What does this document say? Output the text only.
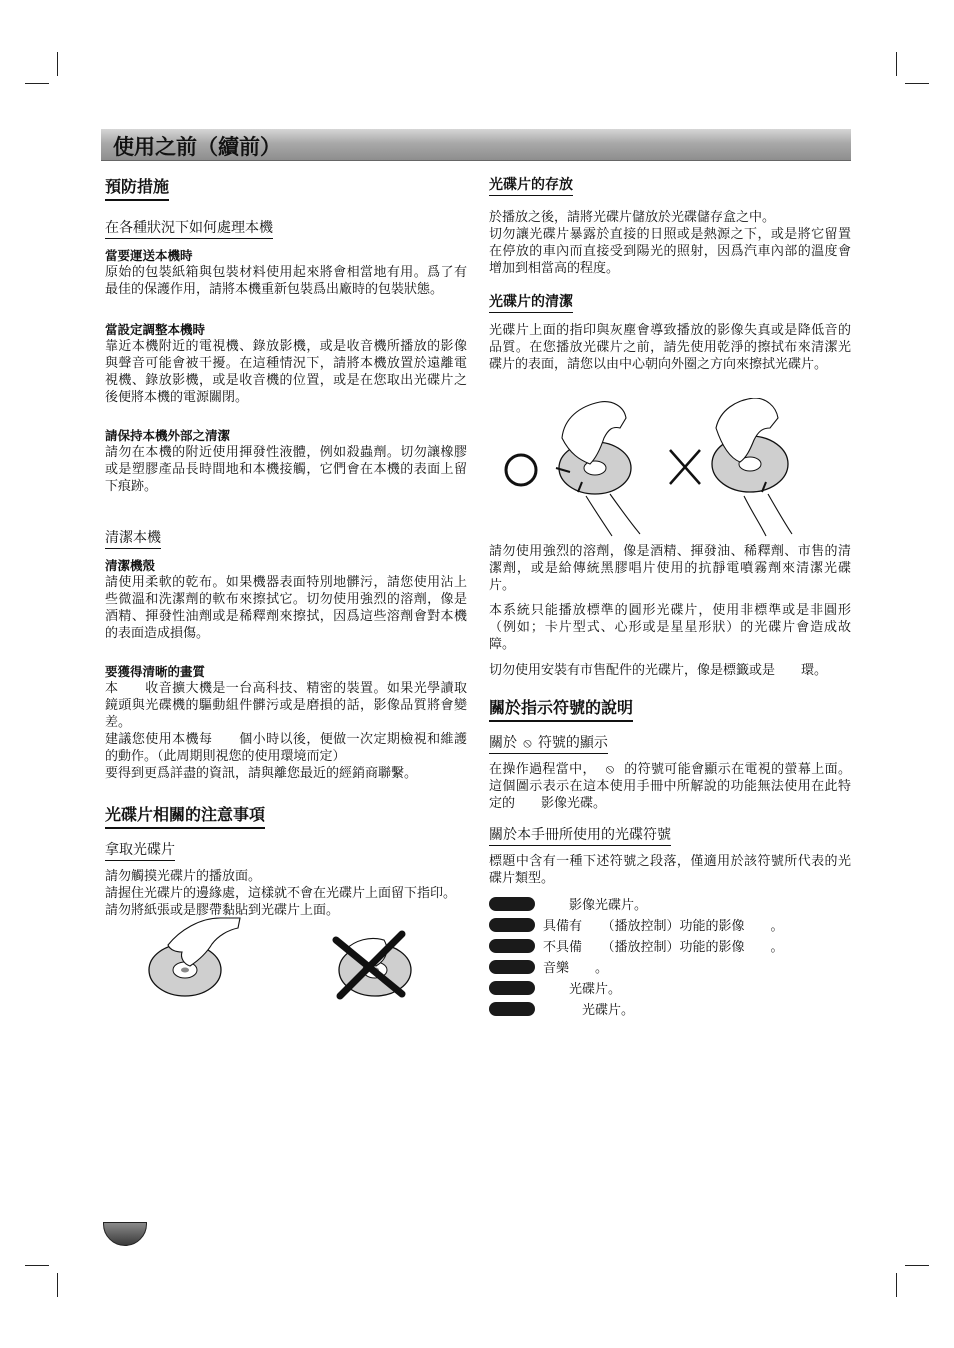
使用之前（續前）
預防措施
在各種狀況下如何處理本機

當要運送本機時

原始的包裝紙箱與包裝材料使用起來將會相當地有用。爲了有最佳的保護作用，請將本機重新包裝爲出廠時的包裝狀態。

當設定調整本機時

靠近本機附近的電視機、錄放影機，或是收音機所播放的影像與聲音可能會被干擾。在這種情況下，請將本機放置於遠離電視機、錄放影機，或是收音機的位置，或是在您取出光碟片之後便將本機的電源關閉。

請保持本機外部之清潔

請勿在本機的附近使用揮發性液體，例如殺蟲劑。切勿讓橡膠或是塑膠產品長時間地和本機接觸，它們會在本機的表面上留下痕跡。

清潔本機

清潔機殼

請使用柔軟的乾布。如果機器表面特別地髒污，請您使用沾上些微溫和洗潔劑的軟布來擦拭它。切勿使用強烈的溶劑，像是酒精、揮發性油劑或是稀釋劑來擦拭，因爲這些溶劑會對本機的表面造成損傷。

要獲得清晰的畫質

本　　收音擴大機是一台高科技、精密的裝置。如果光學讀取鏡頭與光碟機的驅動組件髒污或是磨損的話，影像品質將會變差。

建議您使用本機每　　個小時以後，便做一次定期檢視和維護的動作。（此周期則視您的使用環境而定）

要得到更爲詳盡的資訊，請與離您最近的經銷商聯繫。

光碟片相關的注意事項
拿取光碟片

請勿觸摸光碟片的播放面。

請握住光碟片的邊緣處，這樣就不會在光碟片上面留下指印。

請勿將紙張或是膠帶黏貼到光碟片上面。

光碟片的存放

於播放之後，請將光碟片儲放於光碟儲存盒之中。

切勿讓光碟片暴露於直接的日照或是熱源之下，或是將它留置在停放的車內而直接受到陽光的照射，因爲汽車內部的溫度會增加到相當高的程度。

光碟片的清潔

光碟片上面的指印與灰塵會導致播放的影像失真或是降低音的品質。在您播放光碟片之前，請先使用乾淨的擦拭布來清潔光碟片的表面，請您以由中心朝向外圈之方向來擦拭光碟片。

請勿使用強烈的溶劑，像是酒精、揮發油、稀釋劑、市售的清潔劑，或是給傳統黑膠唱片使用的抗靜電噴霧劑來清潔光碟片。

本系統只能播放標準的圓形光碟片，使用非標準或是非圓形（例如；卡片型式、心形或是星星形狀）的光碟片會造成故障。

切勿使用安裝有市售配件的光碟片，像是標籤或是　　環。

關於指示符號的說明
關於 ⦸ 符號的顯示

在操作過程當中， ⦸ 的符號可能會顯示在電視的螢幕上面。這個圖示表示在這本使用手冊中所解說的功能無法使用在此特定的　　影像光碟。

關於本手冊所使用的光碟符號

標題中含有一種下述符號之段落，僅適用於該符號所代表的光碟片類型。

　　影像光碟片。
具備有　　（播放控制）功能的影像　　。
不具備　　（播放控制）功能的影像　　。
音樂　　。
　　光碟片。
　　　光碟片。
